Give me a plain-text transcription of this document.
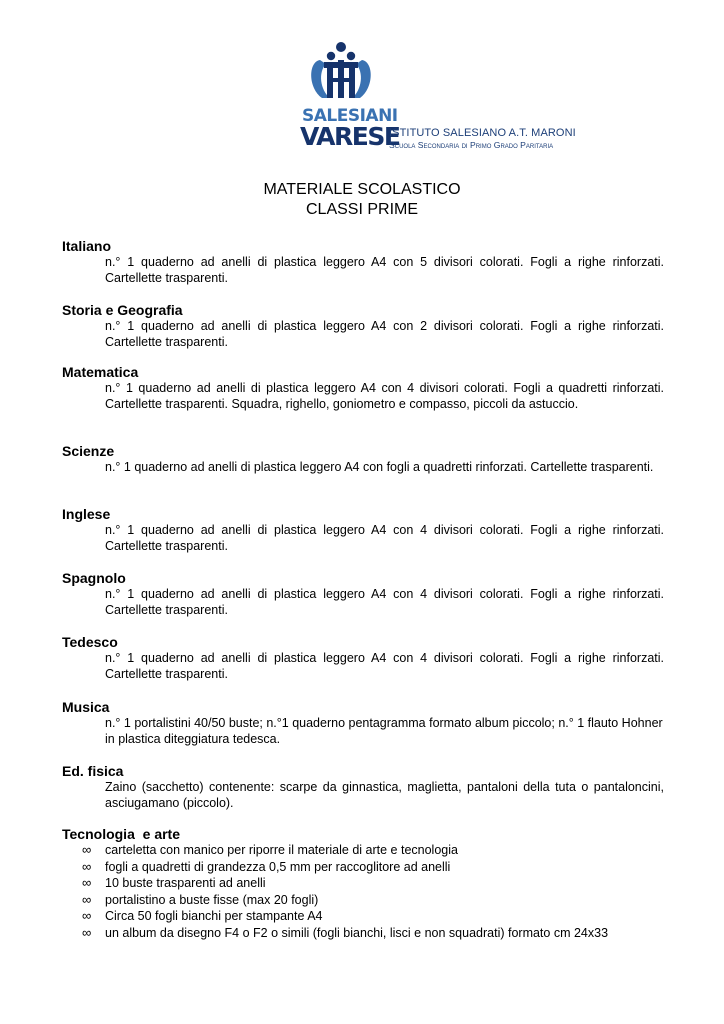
SALESIANI
VARESE
ISTITUTO SALESIANO A.T. MARONI
Scuola Secondaria di Primo Grado Paritaria
MATERIALE SCOLASTICO
CLASSI PRIME
Italiano
n.° 1 quaderno ad anelli di plastica leggero A4 con 5 divisori colorati. Fogli a righe rinforzati. Cartellette trasparenti.
Storia e Geografia
n.° 1 quaderno ad anelli di plastica leggero A4 con 2 divisori colorati. Fogli a righe rinforzati. Cartellette trasparenti.
Matematica
n.° 1 quaderno ad anelli di plastica leggero A4 con 4 divisori colorati. Fogli a quadretti rinforzati. Cartellette trasparenti. Squadra, righello, goniometro e compasso, piccoli da astuccio.
Scienze
n.° 1 quaderno ad anelli di plastica leggero A4 con fogli a quadretti rinforzati. Cartellette trasparenti.
Inglese
n.° 1 quaderno ad anelli di plastica leggero A4 con 4 divisori colorati. Fogli a righe rinforzati. Cartellette trasparenti.
Spagnolo
n.° 1 quaderno ad anelli di plastica leggero A4 con 4 divisori colorati. Fogli a righe rinforzati. Cartellette trasparenti.
Tedesco
n.° 1 quaderno ad anelli di plastica leggero A4 con 4 divisori colorati. Fogli a righe rinforzati. Cartellette trasparenti.
Musica
n.° 1 portalistini 40/50 buste; n.°1 quaderno pentagramma formato album piccolo; n.° 1 flauto Hohner in plastica diteggiatura tedesca.
Ed. fisica
Zaino (sacchetto) contenente: scarpe da ginnastica, maglietta, pantaloni della tuta o pantaloncini, asciugamano (piccolo).
Tecnologia  e arte
∞ carteletta con manico per riporre il materiale di arte e tecnologia
∞ fogli a quadretti di grandezza 0,5 mm per raccoglitore ad anelli
∞ 10 buste trasparenti ad anelli
∞ portalistino a buste fisse (max 20 fogli)
∞ Circa 50 fogli bianchi per stampante A4
∞ un album da disegno F4 o F2 o simili (fogli bianchi, lisci e non squadrati) formato cm 24x33
